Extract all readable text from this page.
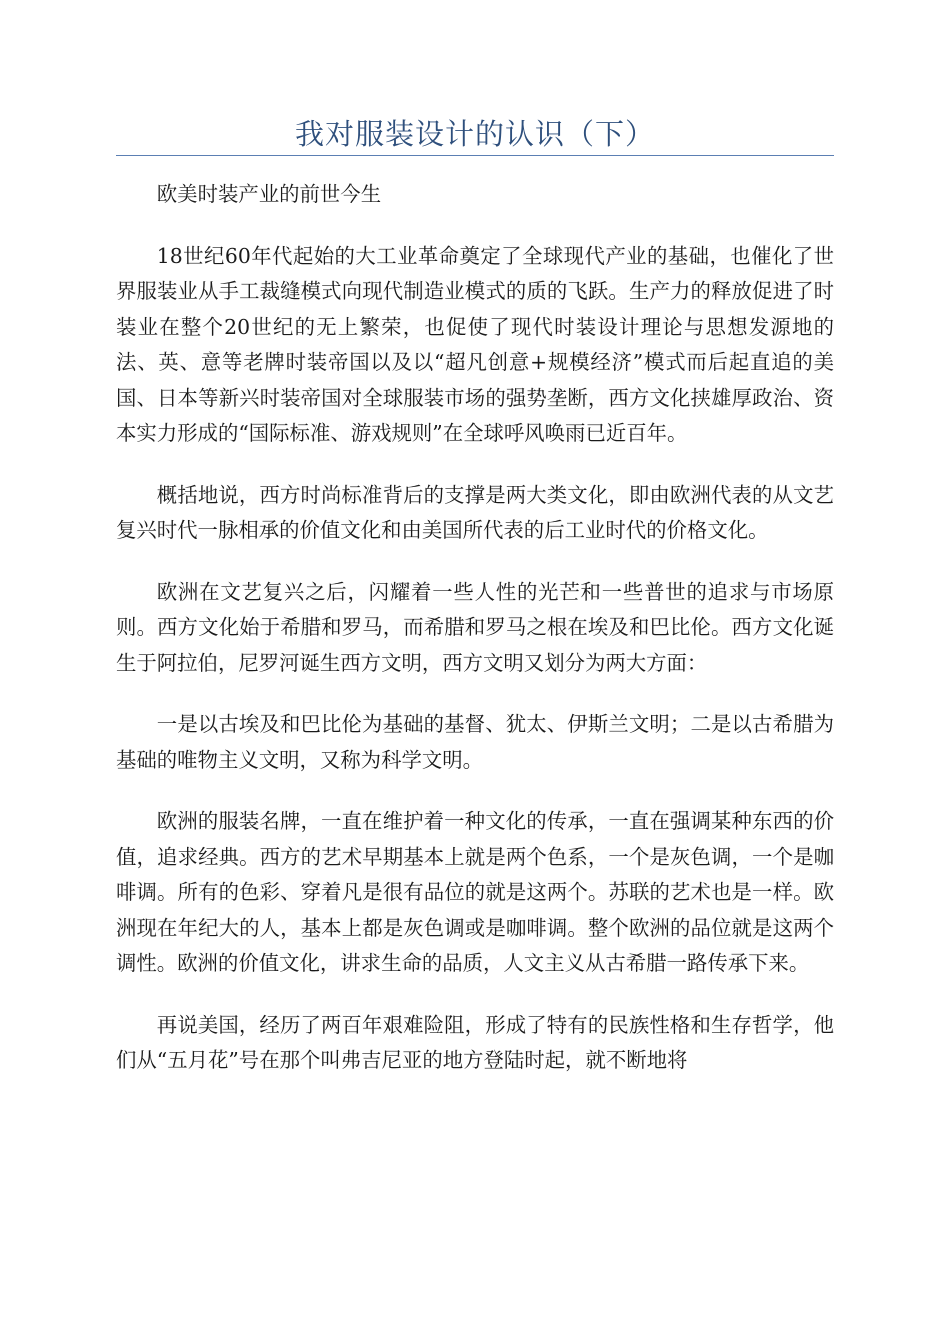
我对服装设计的认识（下）

欧美时装产业的前世今生

18世纪60年代起始的大工业革命奠定了全球现代产业的基础，也催化了世界服装业从手工裁缝模式向现代制造业模式的质的飞跃。生产力的释放促进了时装业在整个20世纪的无上繁荣，也促使了现代时装设计理论与思想发源地的法、英、意等老牌时装帝国以及以“超凡创意+规模经济”模式而后起直追的美国、日本等新兴时装帝国对全球服装市场的强势垄断，西方文化挟雄厚政治、资本实力形成的“国际标准、游戏规则”在全球呼风唤雨已近百年。

概括地说，西方时尚标准背后的支撑是两大类文化，即由欧洲代表的从文艺复兴时代一脉相承的价值文化和由美国所代表的后工业时代的价格文化。

欧洲在文艺复兴之后，闪耀着一些人性的光芒和一些普世的追求与市场原则。西方文化始于希腊和罗马，而希腊和罗马之根在埃及和巴比伦。西方文化诞生于阿拉伯，尼罗河诞生西方文明，西方文明又划分为两大方面：

一是以古埃及和巴比伦为基础的基督、犹太、伊斯兰文明；二是以古希腊为基础的唯物主义文明，又称为科学文明。

欧洲的服装名牌，一直在维护着一种文化的传承，一直在强调某种东西的价值，追求经典。西方的艺术早期基本上就是两个色系，一个是灰色调，一个是咖啡调。所有的色彩、穿着凡是很有品位的就是这两个。苏联的艺术也是一样。欧洲现在年纪大的人，基本上都是灰色调或是咖啡调。整个欧洲的品位就是这两个调性。欧洲的价值文化，讲求生命的品质，人文主义从古希腊一路传承下来。

再说美国，经历了两百年艰难险阻，形成了特有的民族性格和生存哲学，他们从“五月花”号在那个叫弗吉尼亚的地方登陆时起，就不断地将
